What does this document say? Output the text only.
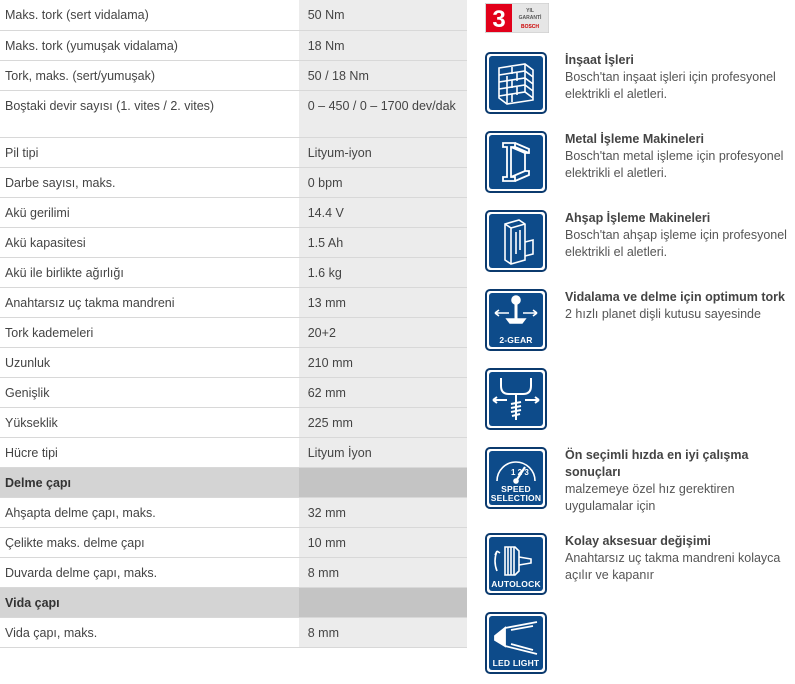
Maks. tork (sert vidalama)	50 Nm
Maks. tork (yumuşak vidalama)	18 Nm
Tork, maks. (sert/yumuşak)	50 / 18 Nm
Boştaki devir sayısı (1. vites / 2. vites)	0 – 450 / 0 – 1700 dev/dak
Pil tipi	Lityum-iyon
Darbe sayısı, maks.	0 bpm
Akü gerilimi	14.4 V
Akü kapasitesi	1.5 Ah
Akü ile birlikte ağırlığı	1.6 kg
Anahtarsız uç takma mandreni	13 mm
Tork kademeleri	20+2
Uzunluk	210 mm
Genişlik	62 mm
Yükseklik	225 mm
Hücre tipi	Lityum İyon
Delme çapı	
Ahşapta delme çapı, maks.	32 mm
Çelikte maks. delme çapı	10 mm
Duvarda delme çapı, maks.	8 mm
Vida çapı	
Vida çapı, maks.	8 mm
3	YIL
GARANTİ
BOSCH
İnşaat İşleri
Bosch'tan inşaat işleri için profesyonel elektrikli el aletleri.
Metal İşleme Makineleri
Bosch'tan metal işleme için profesyonel elektrikli el aletleri.
Ahşap İşleme Makineleri
Bosch'tan ahşap işleme için profesyonel elektrikli el aletleri.
2-GEAR
Vidalama ve delme için optimum tork
2 hızlı planet dişli kutusu sayesinde
1 2 3
SPEED SELECTION
Ön seçimli hızda en iyi çalışma sonuçları
malzemeye özel hız gerektiren uygulamalar için
AUTOLOCK
Kolay aksesuar değişimi
Anahtarsız uç takma mandreni kolayca açılır ve kapanır
LED LIGHT
